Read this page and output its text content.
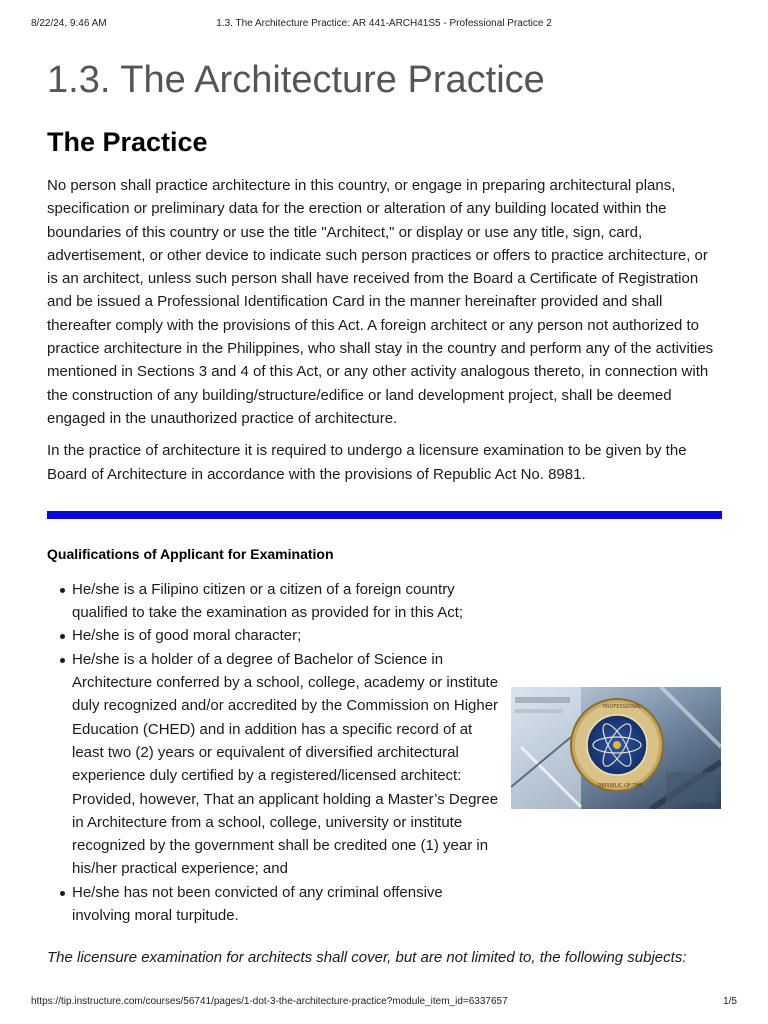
8/22/24, 9:46 AM	1.3. The Architecture Practice: AR 441-ARCH41S5 - Professional Practice 2
1.3. The Architecture Practice
The Practice

No person shall practice architecture in this country, or engage in preparing architectural plans, specification or preliminary data for the erection or alteration of any building located within the boundaries of this country or use the title "Architect," or display or use any title, sign, card, advertisement, or other device to indicate such person practices or offers to practice architecture, or is an architect, unless such person shall have received from the Board a Certificate of Registration and be issued a Professional Identification Card in the manner hereinafter provided and shall thereafter comply with the provisions of this Act. A foreign architect or any person not authorized to practice architecture in the Philippines, who shall stay in the country and perform any of the activities mentioned in Sections 3 and 4 of this Act, or any other activity analogous thereto, in connection with the construction of any building/structure/edifice or land development project, shall be deemed engaged in the unauthorized practice of architecture.

In the practice of architecture it is required to undergo a licensure examination to be given by the Board of Architecture in accordance with the provisions of Republic Act No. 8981.

Qualifications of Applicant for Examination
He/she is a Filipino citizen or a citizen of a foreign country qualified to take the examination as provided for in this Act;
He/she is of good moral character;
He/she is a holder of a degree of Bachelor of Science in Architecture conferred by a school, college, academy or institute duly recognized and/or accredited by the Commission on Higher Education (CHED) and in addition has a specific record of at least two (2) years or equivalent of diversified architectural experience duly certified by a registered/licensed architect: Provided, however, That an applicant holding a Master’s Degree in Architecture from a school, college, university or institute recognized by the government shall be credited one (1) year in his/her practical experience; and
He/she has not been convicted of any criminal offensive involving moral turpitude.
PROFESSIONAL
REPUBLIC OF THE

The licensure examination for architects shall cover, but are not limited to, the following subjects:

https://tip.instructure.com/courses/56741/pages/1-dot-3-the-architecture-practice?module_item_id=6337657	1/5
